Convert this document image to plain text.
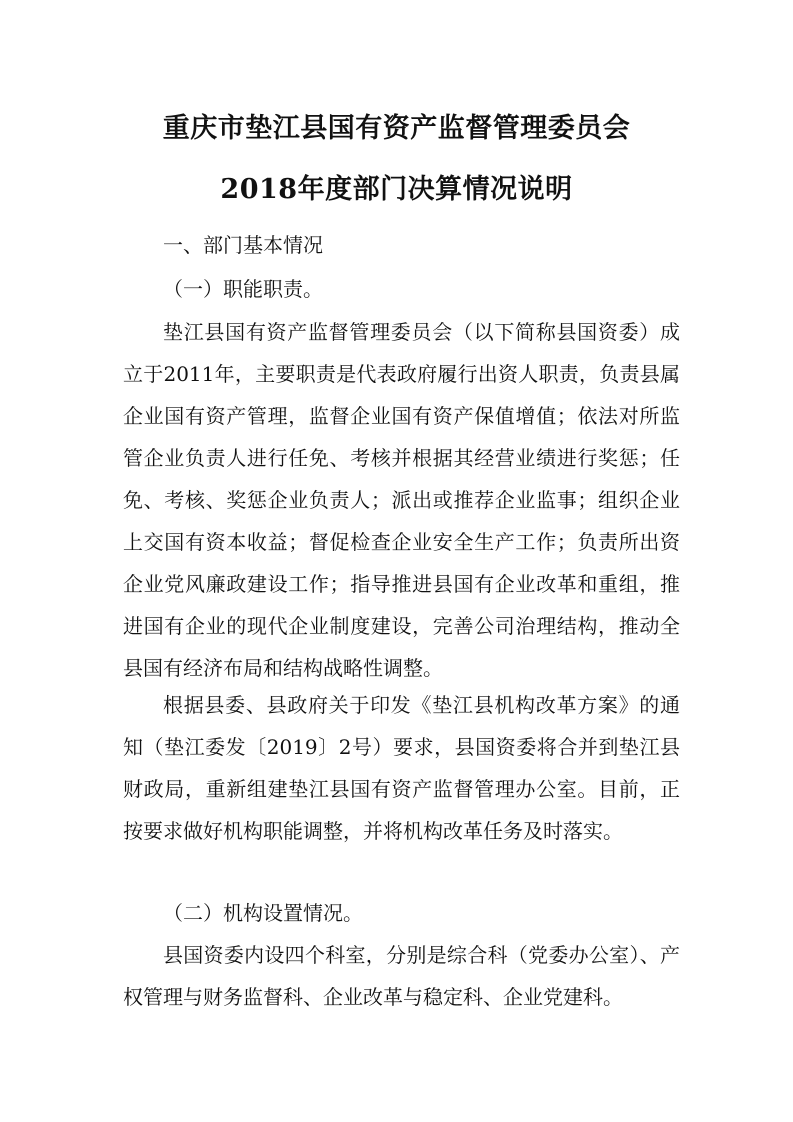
重庆市垫江县国有资产监督管理委员会
2018年度部门决算情况说明
一、部门基本情况
（一）职能职责。

垫江县国有资产监督管理委员会（以下简称县国资委）成立于2011年，主要职责是代表政府履行出资人职责，负责县属企业国有资产管理，监督企业国有资产保值增值；依法对所监管企业负责人进行任免、考核并根据其经营业绩进行奖惩；任免、考核、奖惩企业负责人；派出或推荐企业监事；组织企业上交国有资本收益；督促检查企业安全生产工作；负责所出资企业党风廉政建设工作；指导推进县国有企业改革和重组，推进国有企业的现代企业制度建设，完善公司治理结构，推动全县国有经济布局和结构战略性调整。

根据县委、县政府关于印发《垫江县机构改革方案》的通知（垫江委发〔2019〕2号）要求，县国资委将合并到垫江县财政局，重新组建垫江县国有资产监督管理办公室。目前，正按要求做好机构职能调整，并将机构改革任务及时落实。

（二）机构设置情况。

县国资委内设四个科室，分别是综合科（党委办公室）、产权管理与财务监督科、企业改革与稳定科、企业党建科。
